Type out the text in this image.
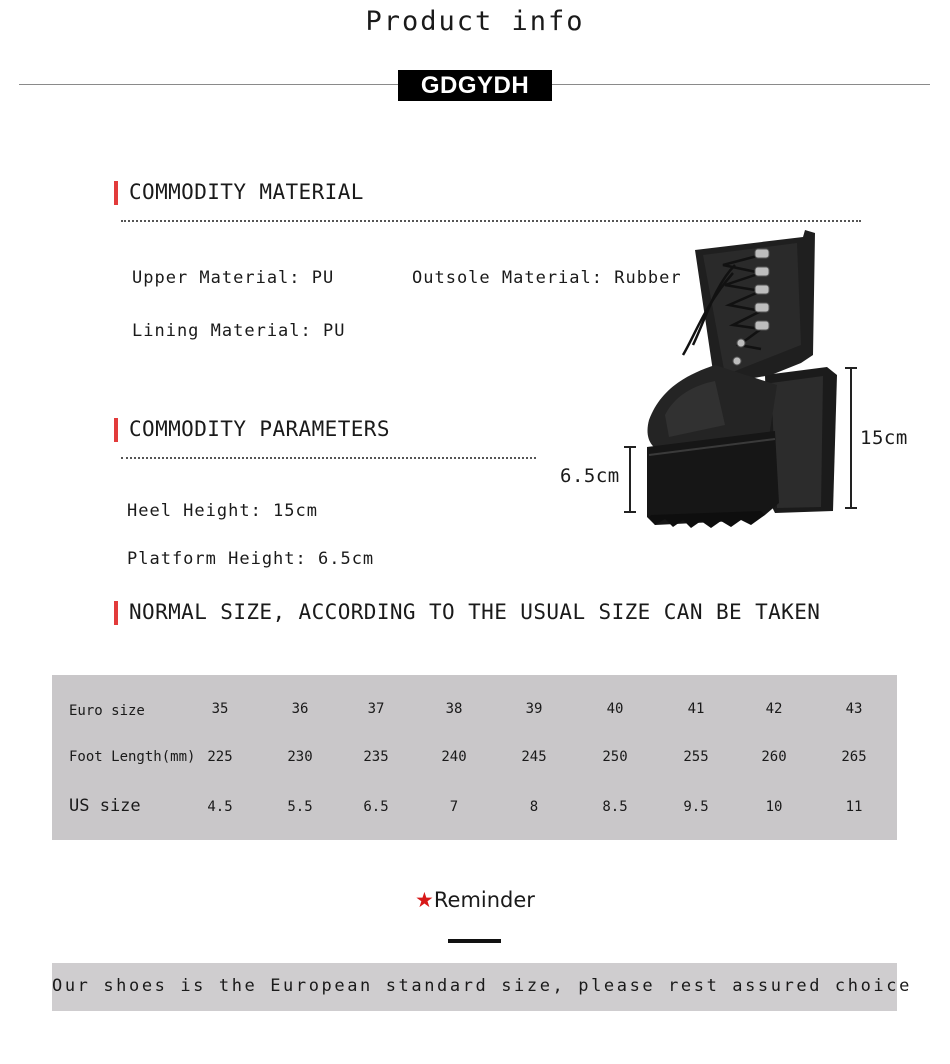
Product info
GDGYDH
COMMODITY MATERIAL
Upper Material: PU	Outsole Material: Rubber
Lining Material: PU
COMMODITY PARAMETERS
Heel Height: 15cm
Platform Height: 6.5cm
15cm
6.5cm
NORMAL SIZE, ACCORDING TO THE USUAL SIZE CAN BE TAKEN
Euro size	35	36	37	38	39	40	41	42	43
Foot Length(mm) 225	230	235	240	245	250	255	260	265
US size	4.5	5.5	6.5	7	8	8.5	9.5	10	11
★Reminder
Our shoes is the European standard size, please rest assured choice
